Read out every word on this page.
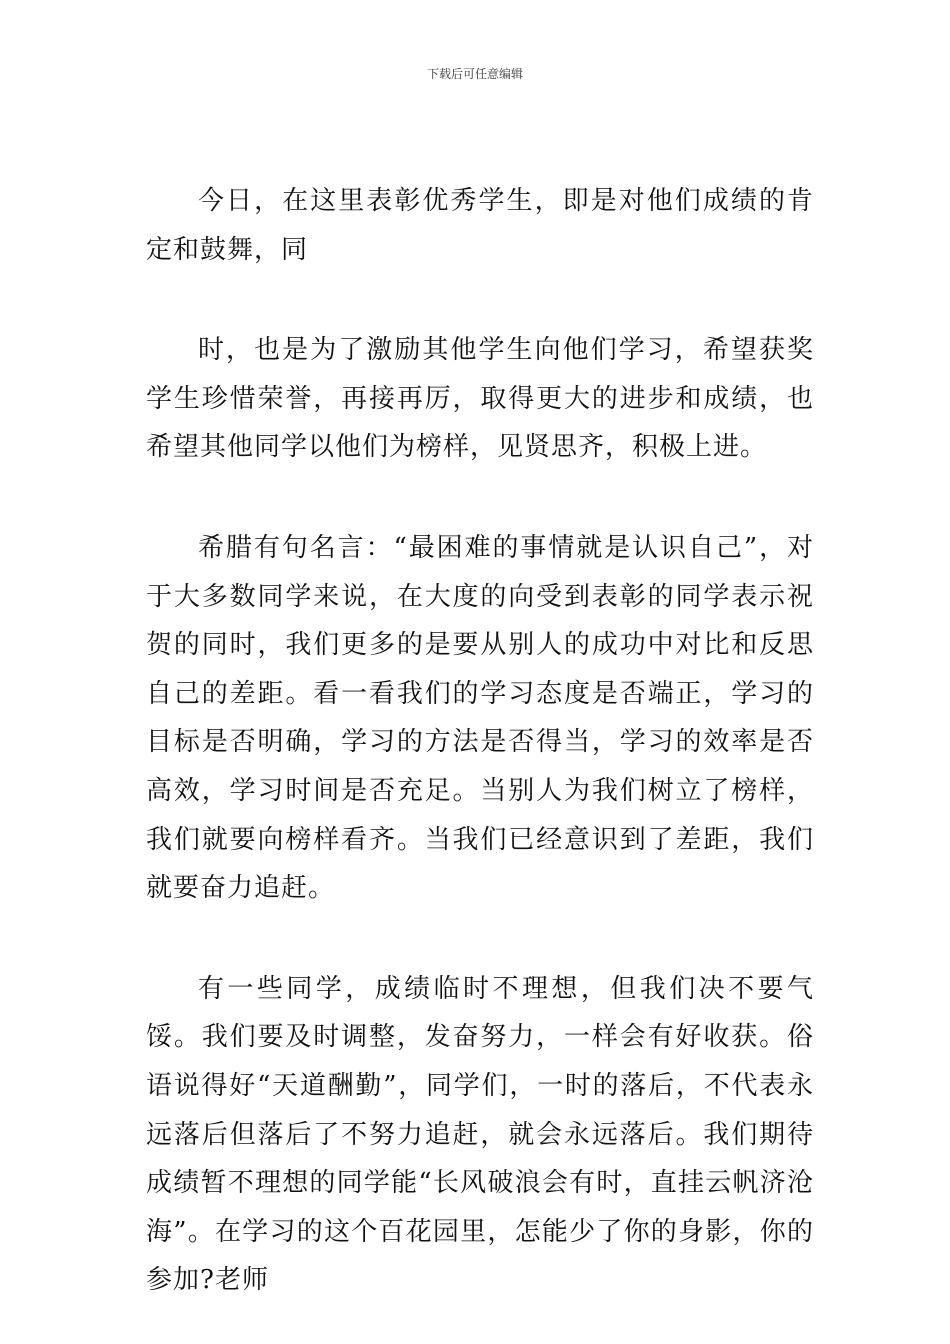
下载后可任意编辑

今日，在这里表彰优秀学生，即是对他们成绩的肯定和鼓舞，同

时，也是为了激励其他学生向他们学习，希望获奖学生珍惜荣誉，再接再厉，取得更大的进步和成绩，也希望其他同学以他们为榜样，见贤思齐，积极上进。

希腊有句名言：“最困难的事情就是认识自己”，对于大多数同学来说，在大度的向受到表彰的同学表示祝贺的同时，我们更多的是要从别人的成功中对比和反思自己的差距。看一看我们的学习态度是否端正，学习的目标是否明确，学习的方法是否得当，学习的效率是否高效，学习时间是否充足。当别人为我们树立了榜样，我们就要向榜样看齐。当我们已经意识到了差距，我们就要奋力追赶。

有一些同学，成绩临时不理想，但我们决不要气馁。我们要及时调整，发奋努力，一样会有好收获。俗语说得好“天道酬勤”，同学们，一时的落后，不代表永远落后但落后了不努力追赶，就会永远落后。我们期待成绩暂不理想的同学能“长风破浪会有时，直挂云帆济沧海”。在学习的这个百花园里，怎能少了你的身影，你的参加?老师
